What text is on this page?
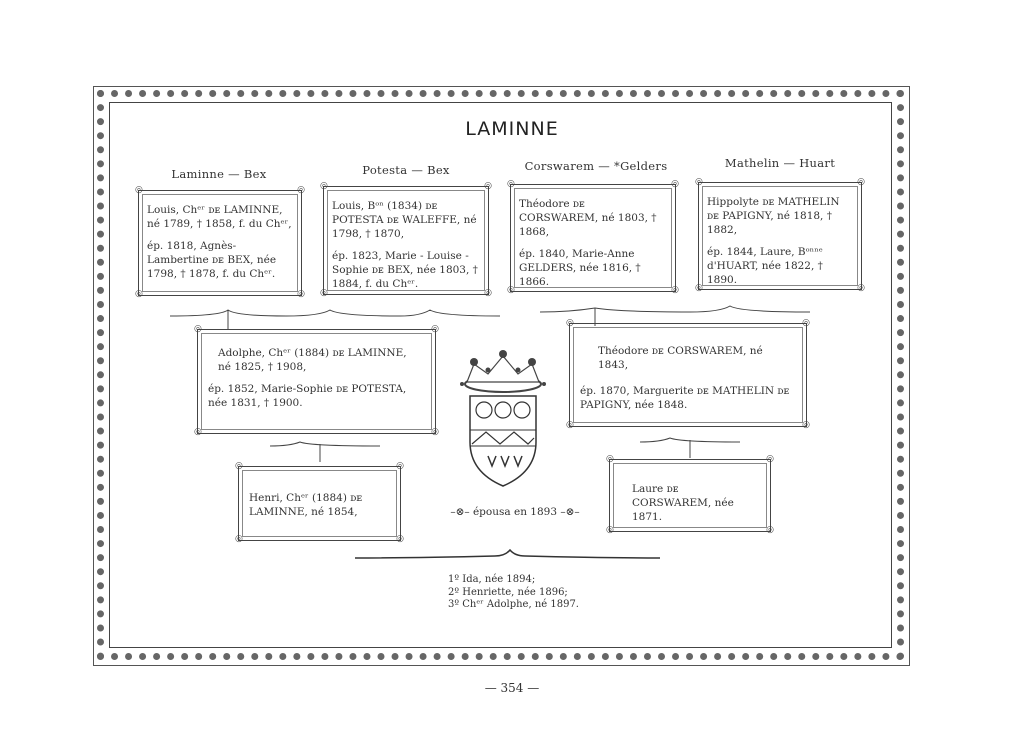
LAMINNE
Laminne — Bex	Potesta — Bex	Corswarem — *Gelders	Mathelin — Huart
◎	◎
◎	◎

Louis, Chᵉʳ ᴅᴇ LAMINNE, né 1789, † 1858, f. du Chᵉʳ,

ép. 1818, Agnès-Lambertine ᴅᴇ BEX, née 1798, † 1878, f. du Chᵉʳ.

◎	◎
◎	◎

Louis, Bᵒⁿ (1834) ᴅᴇ POTESTA ᴅᴇ WALEFFE, né 1798, † 1870,

ép. 1823, Marie - Louise - Sophie ᴅᴇ BEX, née 1803, † 1884, f. du Chᵉʳ.

◎	◎
◎	◎

Théodore ᴅᴇ CORSWAREM, né 1803, † 1868,

ép. 1840, Marie-Anne GELDERS, née 1816, † 1866.

◎	◎
◎	◎

Hippolyte ᴅᴇ MATHELIN ᴅᴇ PAPIGNY, né 1818, † 1882,

ép. 1844, Laure, Bᵒⁿⁿᵉ d'HUART, née 1822, † 1890.

◎	◎
◎	◎

Adolphe, Chᵉʳ (1884) ᴅᴇ LAMINNE, né 1825, † 1908,

ép. 1852, Marie-Sophie ᴅᴇ POTESTA, née 1831, † 1900.

◎	◎
◎	◎

Théodore ᴅᴇ CORSWAREM, né 1843,

ép. 1870, Marguerite ᴅᴇ MATHELIN ᴅᴇ PAPIGNY, née 1848.

◎	◎
◎	◎

Henri, Chᵉʳ (1884) ᴅᴇ LAMINNE, né 1854,

◎	◎
◎	◎

Laure ᴅᴇ CORSWAREM, née 1871.

–⊗– épousa en 1893 –⊗–
1º Ida, née 1894;
2º Henriette, née 1896;
3º Chᵉʳ Adolphe, né 1897.
— 354 —
